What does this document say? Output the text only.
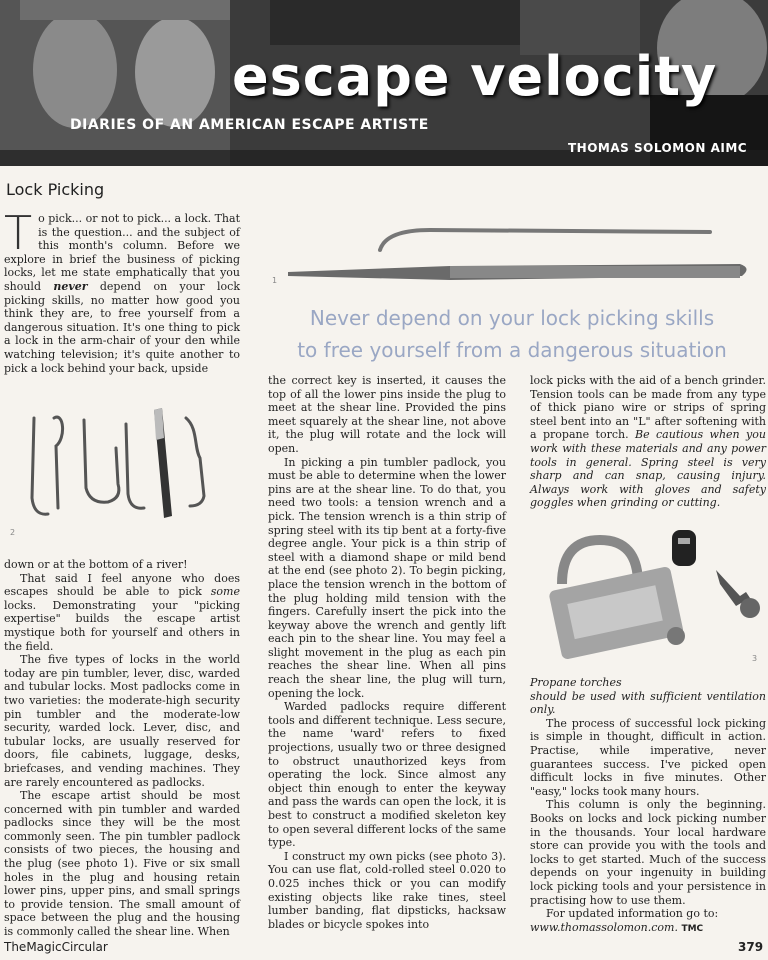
escape velocity
DIARIES OF AN AMERICAN ESCAPE ARTISTE
THOMAS SOLOMON AIMC
Lock Picking

To pick... or not to pick... a lock. That is the question... and the subject of this month's column. Before we explore in brief the business of picking locks, let me state emphatically that you should never depend on your lock picking skills, no matter how good you think they are, to free yourself from a dangerous situation. It's one thing to pick a lock in the arm-chair of your den while watching television; it's quite another to pick a lock behind your back, upside

2

down or at the bottom of a river!

That said I feel anyone who does escapes should be able to pick some locks. Demonstrating your "picking expertise" builds the escape artist mystique both for yourself and others in the field.

The five types of locks in the world today are pin tumbler, lever, disc, warded and tubular locks. Most padlocks come in two varieties: the moderate-high security pin tumbler and the moderate-low security, warded lock. Lever, disc, and tubular locks, are usually reserved for doors, file cabinets, luggage, desks, briefcases, and vending machines. They are rarely encountered as padlocks.

The escape artist should be most concerned with pin tumbler and warded padlocks since they will be the most commonly seen. The pin tumbler padlock consists of two pieces, the housing and the plug (see photo 1). Five or six small holes in the plug and housing retain lower pins, upper pins, and small springs to provide tension. The small amount of space between the plug and the housing is commonly called the shear line. When

1
Never depend on your lock picking skills
to free yourself from a dangerous situation

the correct key is inserted, it causes the top of all the lower pins inside the plug to meet at the shear line. Provided the pins meet squarely at the shear line, not above it, the plug will rotate and the lock will open.

In picking a pin tumbler padlock, you must be able to determine when the lower pins are at the shear line. To do that, you need two tools: a tension wrench and a pick. The tension wrench is a thin strip of spring steel with its tip bent at a forty-five degree angle. Your pick is a thin strip of steel with a diamond shape or mild bend at the end (see photo 2). To begin picking, place the tension wrench in the bottom of the plug holding mild tension with the fingers. Carefully insert the pick into the keyway above the wrench and gently lift each pin to the shear line. You may feel a slight movement in the plug as each pin reaches the shear line. When all pins reach the shear line, the plug will turn, opening the lock.

Warded padlocks require different tools and different technique. Less secure, the name 'ward' refers to fixed projections, usually two or three designed to obstruct unauthorized keys from operating the lock. Since almost any object thin enough to enter the keyway and pass the wards can open the lock, it is best to construct a modified skeleton key to open several different locks of the same type.

I construct my own picks (see photo 3). You can use flat, cold-rolled steel 0.020 to 0.025 inches thick or you can modify existing objects like rake tines, steel lumber banding, flat dipsticks, hacksaw blades or bicycle spokes into

lock picks with the aid of a bench grinder. Tension tools can be made from any type of thick piano wire or strips of spring steel bent into an "L" after softening with a propane torch. Be cautious when you work with these materials and any power tools in general. Spring steel is very sharp and can snap, causing injury. Always work with gloves and safety goggles when grinding or cutting.

3

Propane torches

should be used with sufficient ventilation only.

The process of successful lock picking is simple in thought, difficult in action. Practise, while imperative, never guarantees success. I've picked open difficult locks in five minutes. Other "easy," locks took many hours.

This column is only the beginning. Books on locks and lock picking number in the thousands. Your local hardware store can provide you with the tools and locks to get started. Much of the success depends on your ingenuity in building lock picking tools and your persistence in practising how to use them.

For updated information go to:

www.thomassolomon.com. TMC

TheMagicCircular	379
